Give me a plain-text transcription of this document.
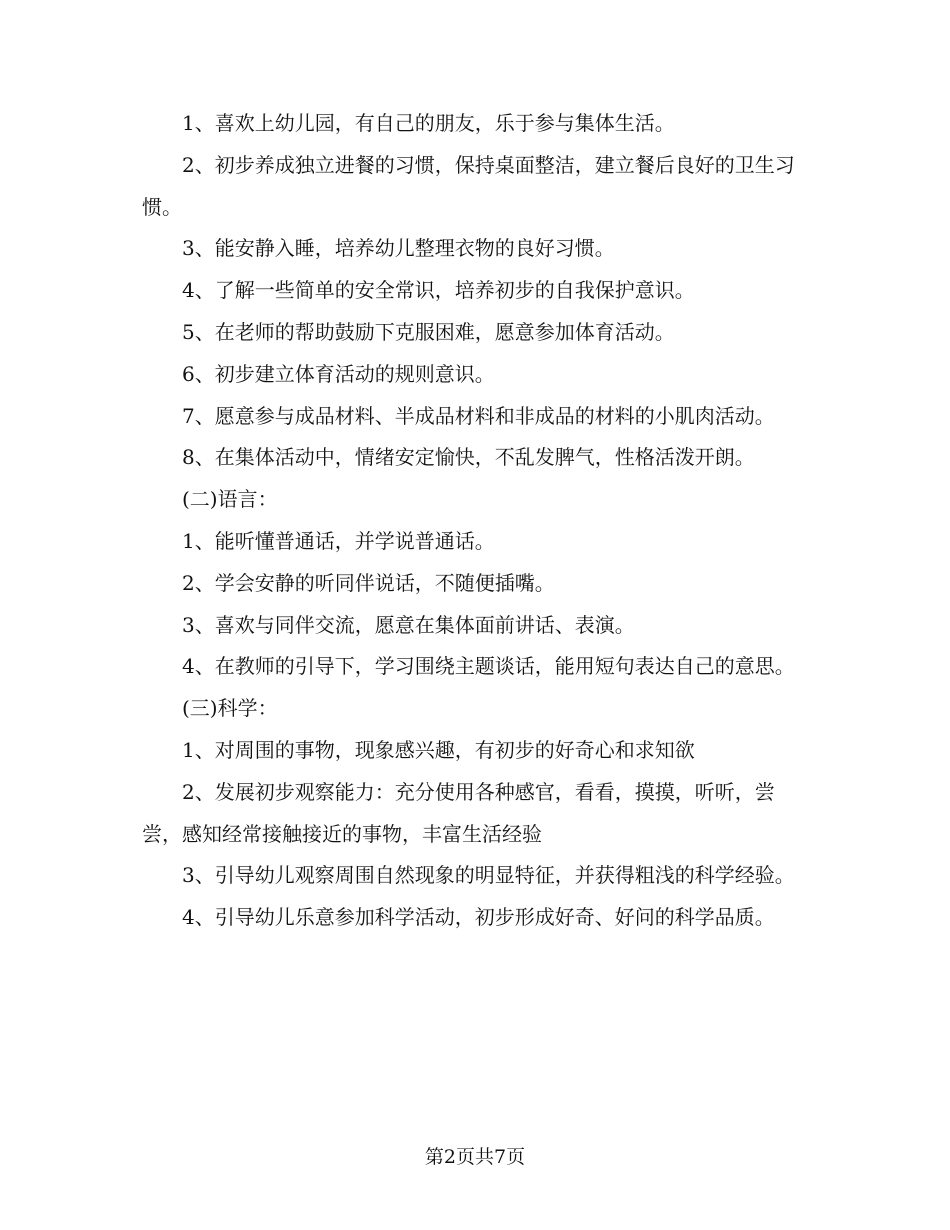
1、喜欢上幼儿园，有自己的朋友，乐于参与集体生活。

2、初步养成独立进餐的习惯，保持桌面整洁，建立餐后良好的卫生习惯。

3、能安静入睡，培养幼儿整理衣物的良好习惯。

4、了解一些简单的安全常识，培养初步的自我保护意识。

5、在老师的帮助鼓励下克服困难，愿意参加体育活动。

6、初步建立体育活动的规则意识。

7、愿意参与成品材料、半成品材料和非成品的材料的小肌肉活动。

8、在集体活动中，情绪安定愉快，不乱发脾气，性格活泼开朗。

(二)语言：

1、能听懂普通话，并学说普通话。

2、学会安静的听同伴说话，不随便插嘴。

3、喜欢与同伴交流，愿意在集体面前讲话、表演。

4、在教师的引导下，学习围绕主题谈话，能用短句表达自己的意思。

(三)科学：

1、对周围的事物，现象感兴趣，有初步的好奇心和求知欲

2、发展初步观察能力：充分使用各种感官，看看，摸摸，听听，尝尝，感知经常接触接近的事物，丰富生活经验

3、引导幼儿观察周围自然现象的明显特征，并获得粗浅的科学经验。

4、引导幼儿乐意参加科学活动，初步形成好奇、好问的科学品质。

第2页共7页
